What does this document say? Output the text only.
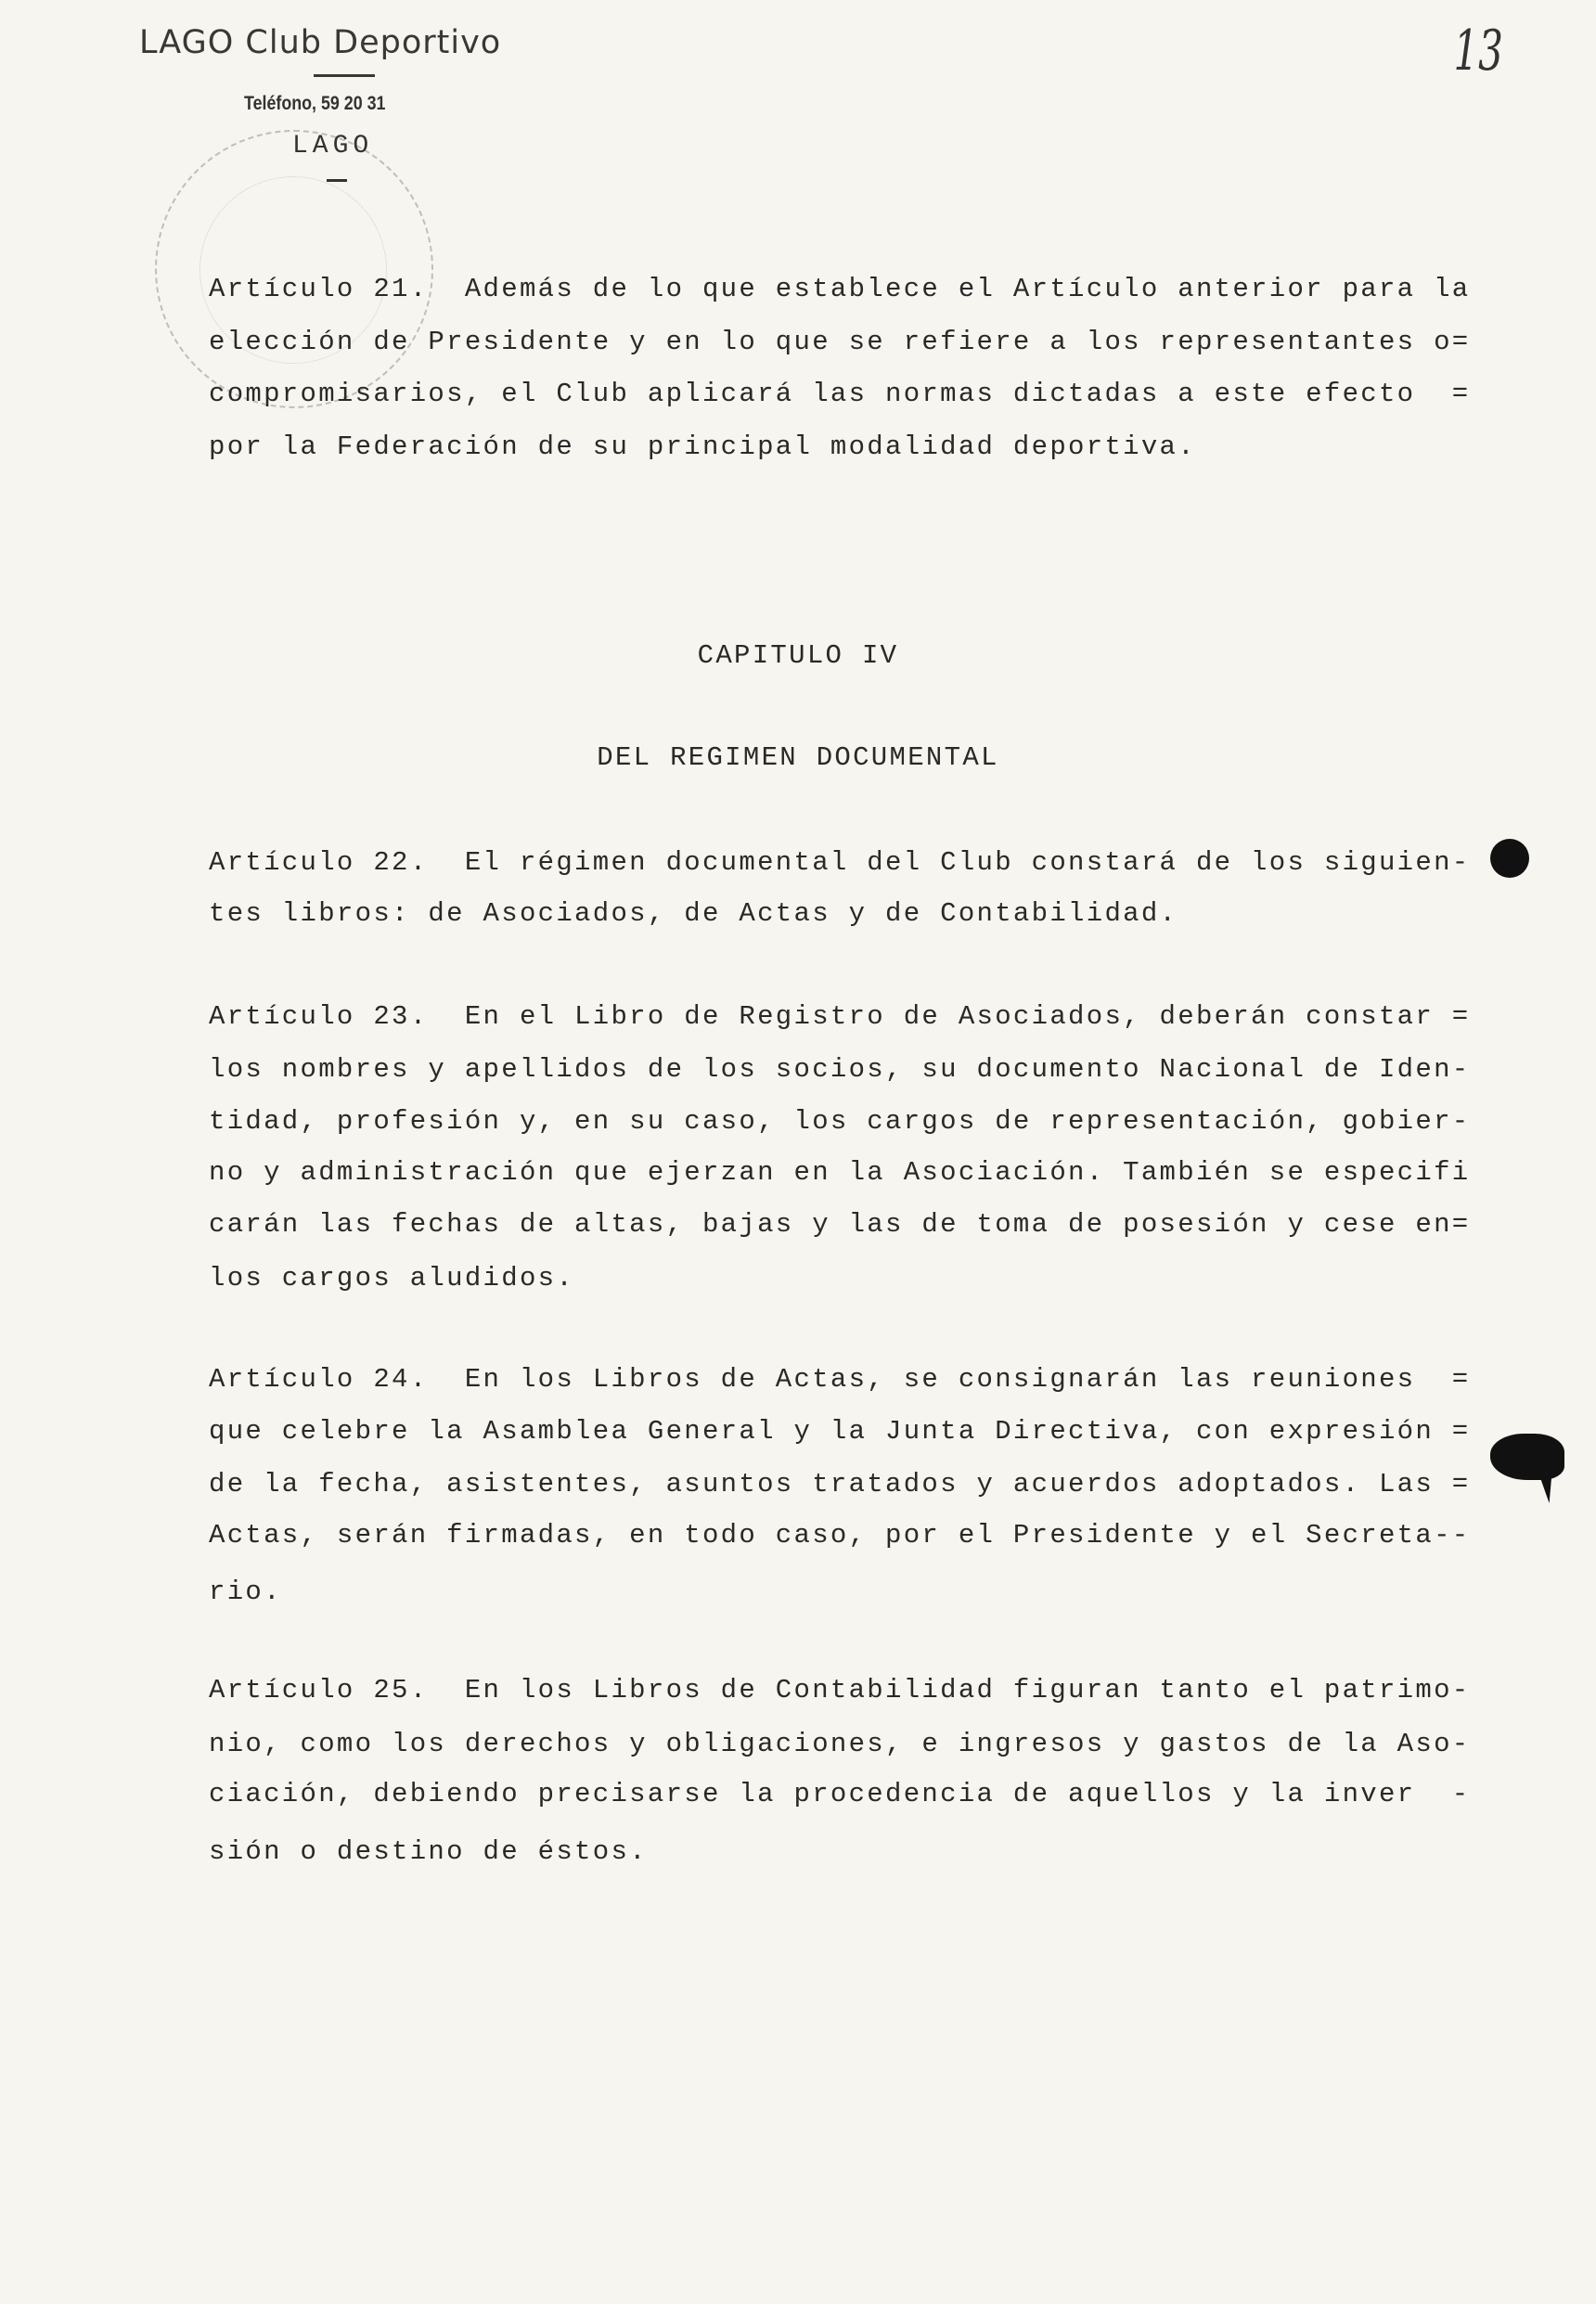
LAGO Club Deportivo
Teléfono, 59 20 31
LAGO
13
Artículo 21.  Además de lo que establece el Artículo anterior para la
elección de Presidente y en lo que se refiere a los representantes o=
compromisarios, el Club aplicará las normas dictadas a este efecto  =
por la Federación de su principal modalidad deportiva.
CAPITULO IV
DEL REGIMEN DOCUMENTAL
Artículo 22.  El régimen documental del Club constará de los siguien-
tes libros: de Asociados, de Actas y de Contabilidad.
Artículo 23.  En el Libro de Registro de Asociados, deberán constar =
los nombres y apellidos de los socios, su documento Nacional de Iden-
tidad, profesión y, en su caso, los cargos de representación, gobier-
no y administración que ejerzan en la Asociación. También se especifi
carán las fechas de altas, bajas y las de toma de posesión y cese en=
los cargos aludidos.
Artículo 24.  En los Libros de Actas, se consignarán las reuniones  =
que celebre la Asamblea General y la Junta Directiva, con expresión =
de la fecha, asistentes, asuntos tratados y acuerdos adoptados. Las =
Actas, serán firmadas, en todo caso, por el Presidente y el Secreta--
rio.
Artículo 25.  En los Libros de Contabilidad figuran tanto el patrimo-
nio, como los derechos y obligaciones, e ingresos y gastos de la Aso-
ciación, debiendo precisarse la procedencia de aquellos y la inver  -
sión o destino de éstos.
